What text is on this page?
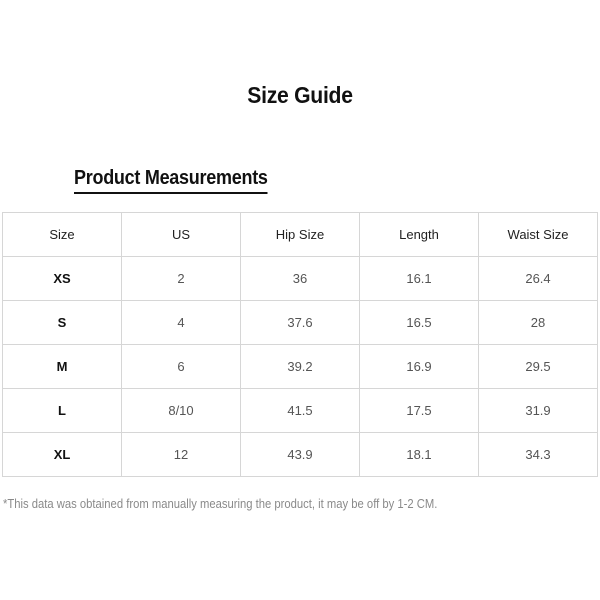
Size Guide
Product Measurements
Size	US	Hip Size	Length	Waist Size
XS	2	36	16.1	26.4
S	4	37.6	16.5	28
M	6	39.2	16.9	29.5
L	8/10	41.5	17.5	31.9
XL	12	43.9	18.1	34.3
*This data was obtained from manually measuring the product, it may be off by 1-2 CM.
